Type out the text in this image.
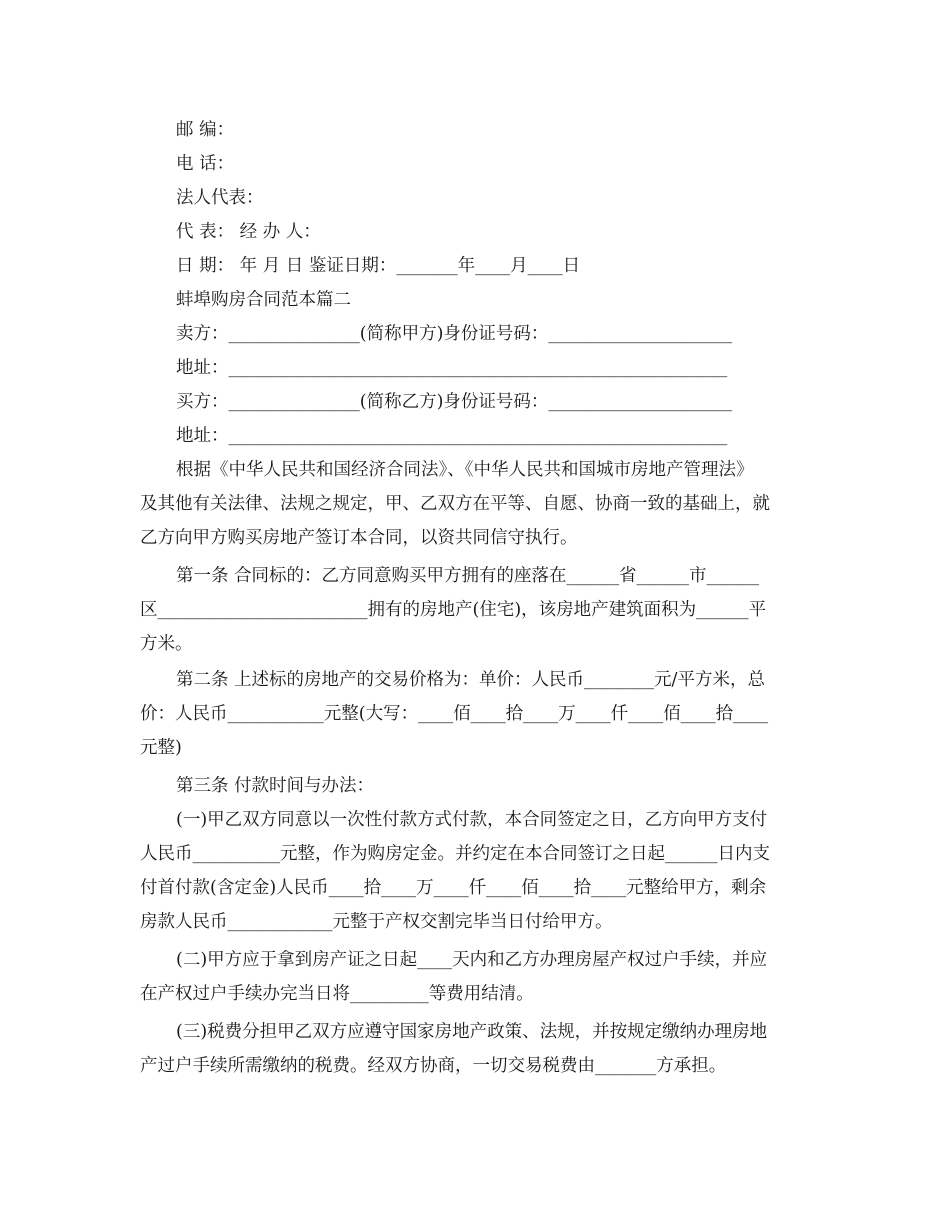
邮 编：
电 话：
法人代表：
代 表： 经 办 人：
日 期： 年 月 日 鉴证日期：_______年____月____日
蚌埠购房合同范本篇二
卖方：_______________(简称甲方)身份证号码：_____________________
地址：_________________________________________________________
买方：_______________(简称乙方)身份证号码：_____________________
地址：_________________________________________________________
根据《中华人民共和国经济合同法》、《中华人民共和国城市房地产管理法》
及其他有关法律、法规之规定，甲、乙双方在平等、自愿、协商一致的基础上，就
乙方向甲方购买房地产签订本合同，以资共同信守执行。
第一条 合同标的：乙方同意购买甲方拥有的座落在______省______市______
区________________________拥有的房地产(住宅)，该房地产建筑面积为______平
方米。
第二条 上述标的房地产的交易价格为：单价：人民币________元/平方米，总
价：人民币___________元整(大写：____佰____拾____万____仟____佰____拾____
元整)
第三条 付款时间与办法：
(一)甲乙双方同意以一次性付款方式付款，本合同签定之日，乙方向甲方支付
人民币__________元整，作为购房定金。并约定在本合同签订之日起______日内支
付首付款(含定金)人民币____拾____万____仟____佰____拾____元整给甲方，剩余
房款人民币____________元整于产权交割完毕当日付给甲方。
(二)甲方应于拿到房产证之日起____天内和乙方办理房屋产权过户手续，并应
在产权过户手续办完当日将_________等费用结清。
(三)税费分担甲乙双方应遵守国家房地产政策、法规，并按规定缴纳办理房地
产过户手续所需缴纳的税费。经双方协商，一切交易税费由_______方承担。
